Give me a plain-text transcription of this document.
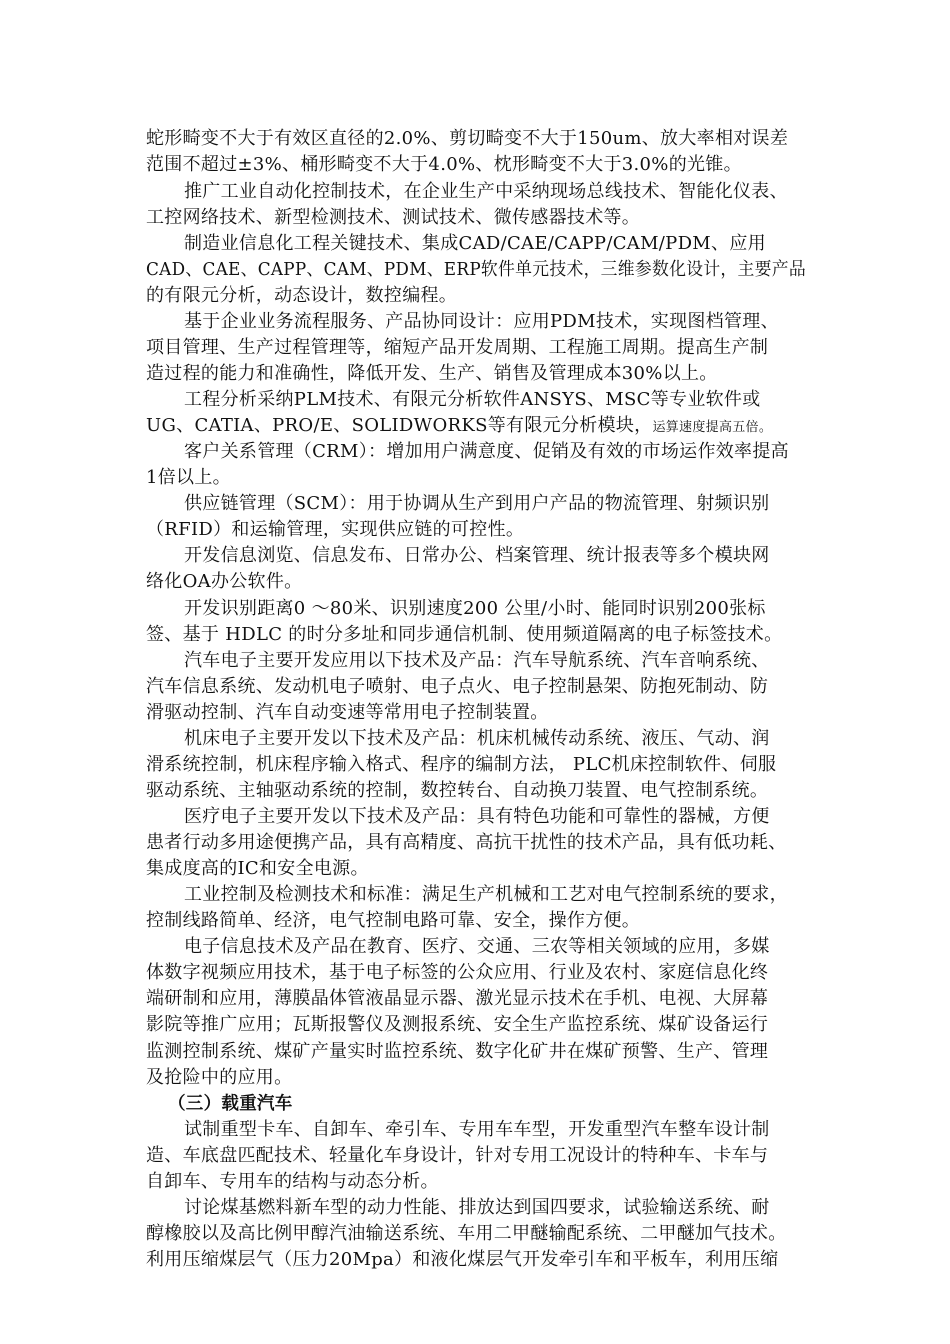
蛇形畸变不大于有效区直径的2.0%、剪切畸变不大于150um、放大率相对误差
范围不超过±3%、桶形畸变不大于4.0%、枕形畸变不大于3.0%的光锥。
推广工业自动化控制技术，在企业生产中采纳现场总线技术、智能化仪表、
工控网络技术、新型检测技术、测试技术、微传感器技术等。
制造业信息化工程关键技术、集成CAD/CAE/CAPP/CAM/PDM、应用
CAD、CAE、CAPP、CAM、PDM、ERP软件单元技术，三维参数化设计，主要产品
的有限元分析，动态设计，数控编程。
基于企业业务流程服务、产品协同设计：应用PDM技术，实现图档管理、
项目管理、生产过程管理等，缩短产品开发周期、工程施工周期。提高生产制
造过程的能力和准确性，降低开发、生产、销售及管理成本30%以上。
工程分析采纳PLM技术、有限元分析软件ANSYS、MSC等专业软件或
UG、CATIA、PRO/E、SOLIDWORKS等有限元分析模块，运算速度提高五倍。
客户关系管理（CRM）：增加用户满意度、促销及有效的市场运作效率提高
1倍以上。
供应链管理（SCM）：用于协调从生产到用户产品的物流管理、射频识别
（RFID）和运输管理，实现供应链的可控性。
开发信息浏览、信息发布、日常办公、档案管理、统计报表等多个模块网
络化OA办公软件。
开发识别距离0 ～80米、识别速度200 公里/小时、能同时识别200张标
签、基于 HDLC 的时分多址和同步通信机制、使用频道隔离的电子标签技术。
汽车电子主要开发应用以下技术及产品：汽车导航系统、汽车音响系统、
汽车信息系统、发动机电子喷射、电子点火、电子控制悬架、防抱死制动、防
滑驱动控制、汽车自动变速等常用电子控制装置。
机床电子主要开发以下技术及产品：机床机械传动系统、液压、气动、润
滑系统控制，机床程序输入格式、程序的编制方法， PLC机床控制软件、伺服
驱动系统、主轴驱动系统的控制，数控转台、自动换刀装置、电气控制系统。
医疗电子主要开发以下技术及产品：具有特色功能和可靠性的器械，方便
患者行动多用途便携产品，具有高精度、高抗干扰性的技术产品，具有低功耗、
集成度高的IC和安全电源。
工业控制及检测技术和标准：满足生产机械和工艺对电气控制系统的要求，
控制线路简单、经济，电气控制电路可靠、安全，操作方便。
电子信息技术及产品在教育、医疗、交通、三农等相关领域的应用，多媒
体数字视频应用技术，基于电子标签的公众应用、行业及农村、家庭信息化终
端研制和应用，薄膜晶体管液晶显示器、激光显示技术在手机、电视、大屏幕
影院等推广应用；瓦斯报警仪及测报系统、安全生产监控系统、煤矿设备运行
监测控制系统、煤矿产量实时监控系统、数字化矿井在煤矿预警、生产、管理
及抢险中的应用。
（三）载重汽车
试制重型卡车、自卸车、牵引车、专用车车型，开发重型汽车整车设计制
造、车底盘匹配技术、轻量化车身设计，针对专用工况设计的特种车、卡车与
自卸车、专用车的结构与动态分析。
讨论煤基燃料新车型的动力性能、排放达到国四要求，试验输送系统、耐
醇橡胶以及高比例甲醇汽油输送系统、车用二甲醚输配系统、二甲醚加气技术。
利用压缩煤层气（压力20Mpa）和液化煤层气开发牵引车和平板车，利用压缩
